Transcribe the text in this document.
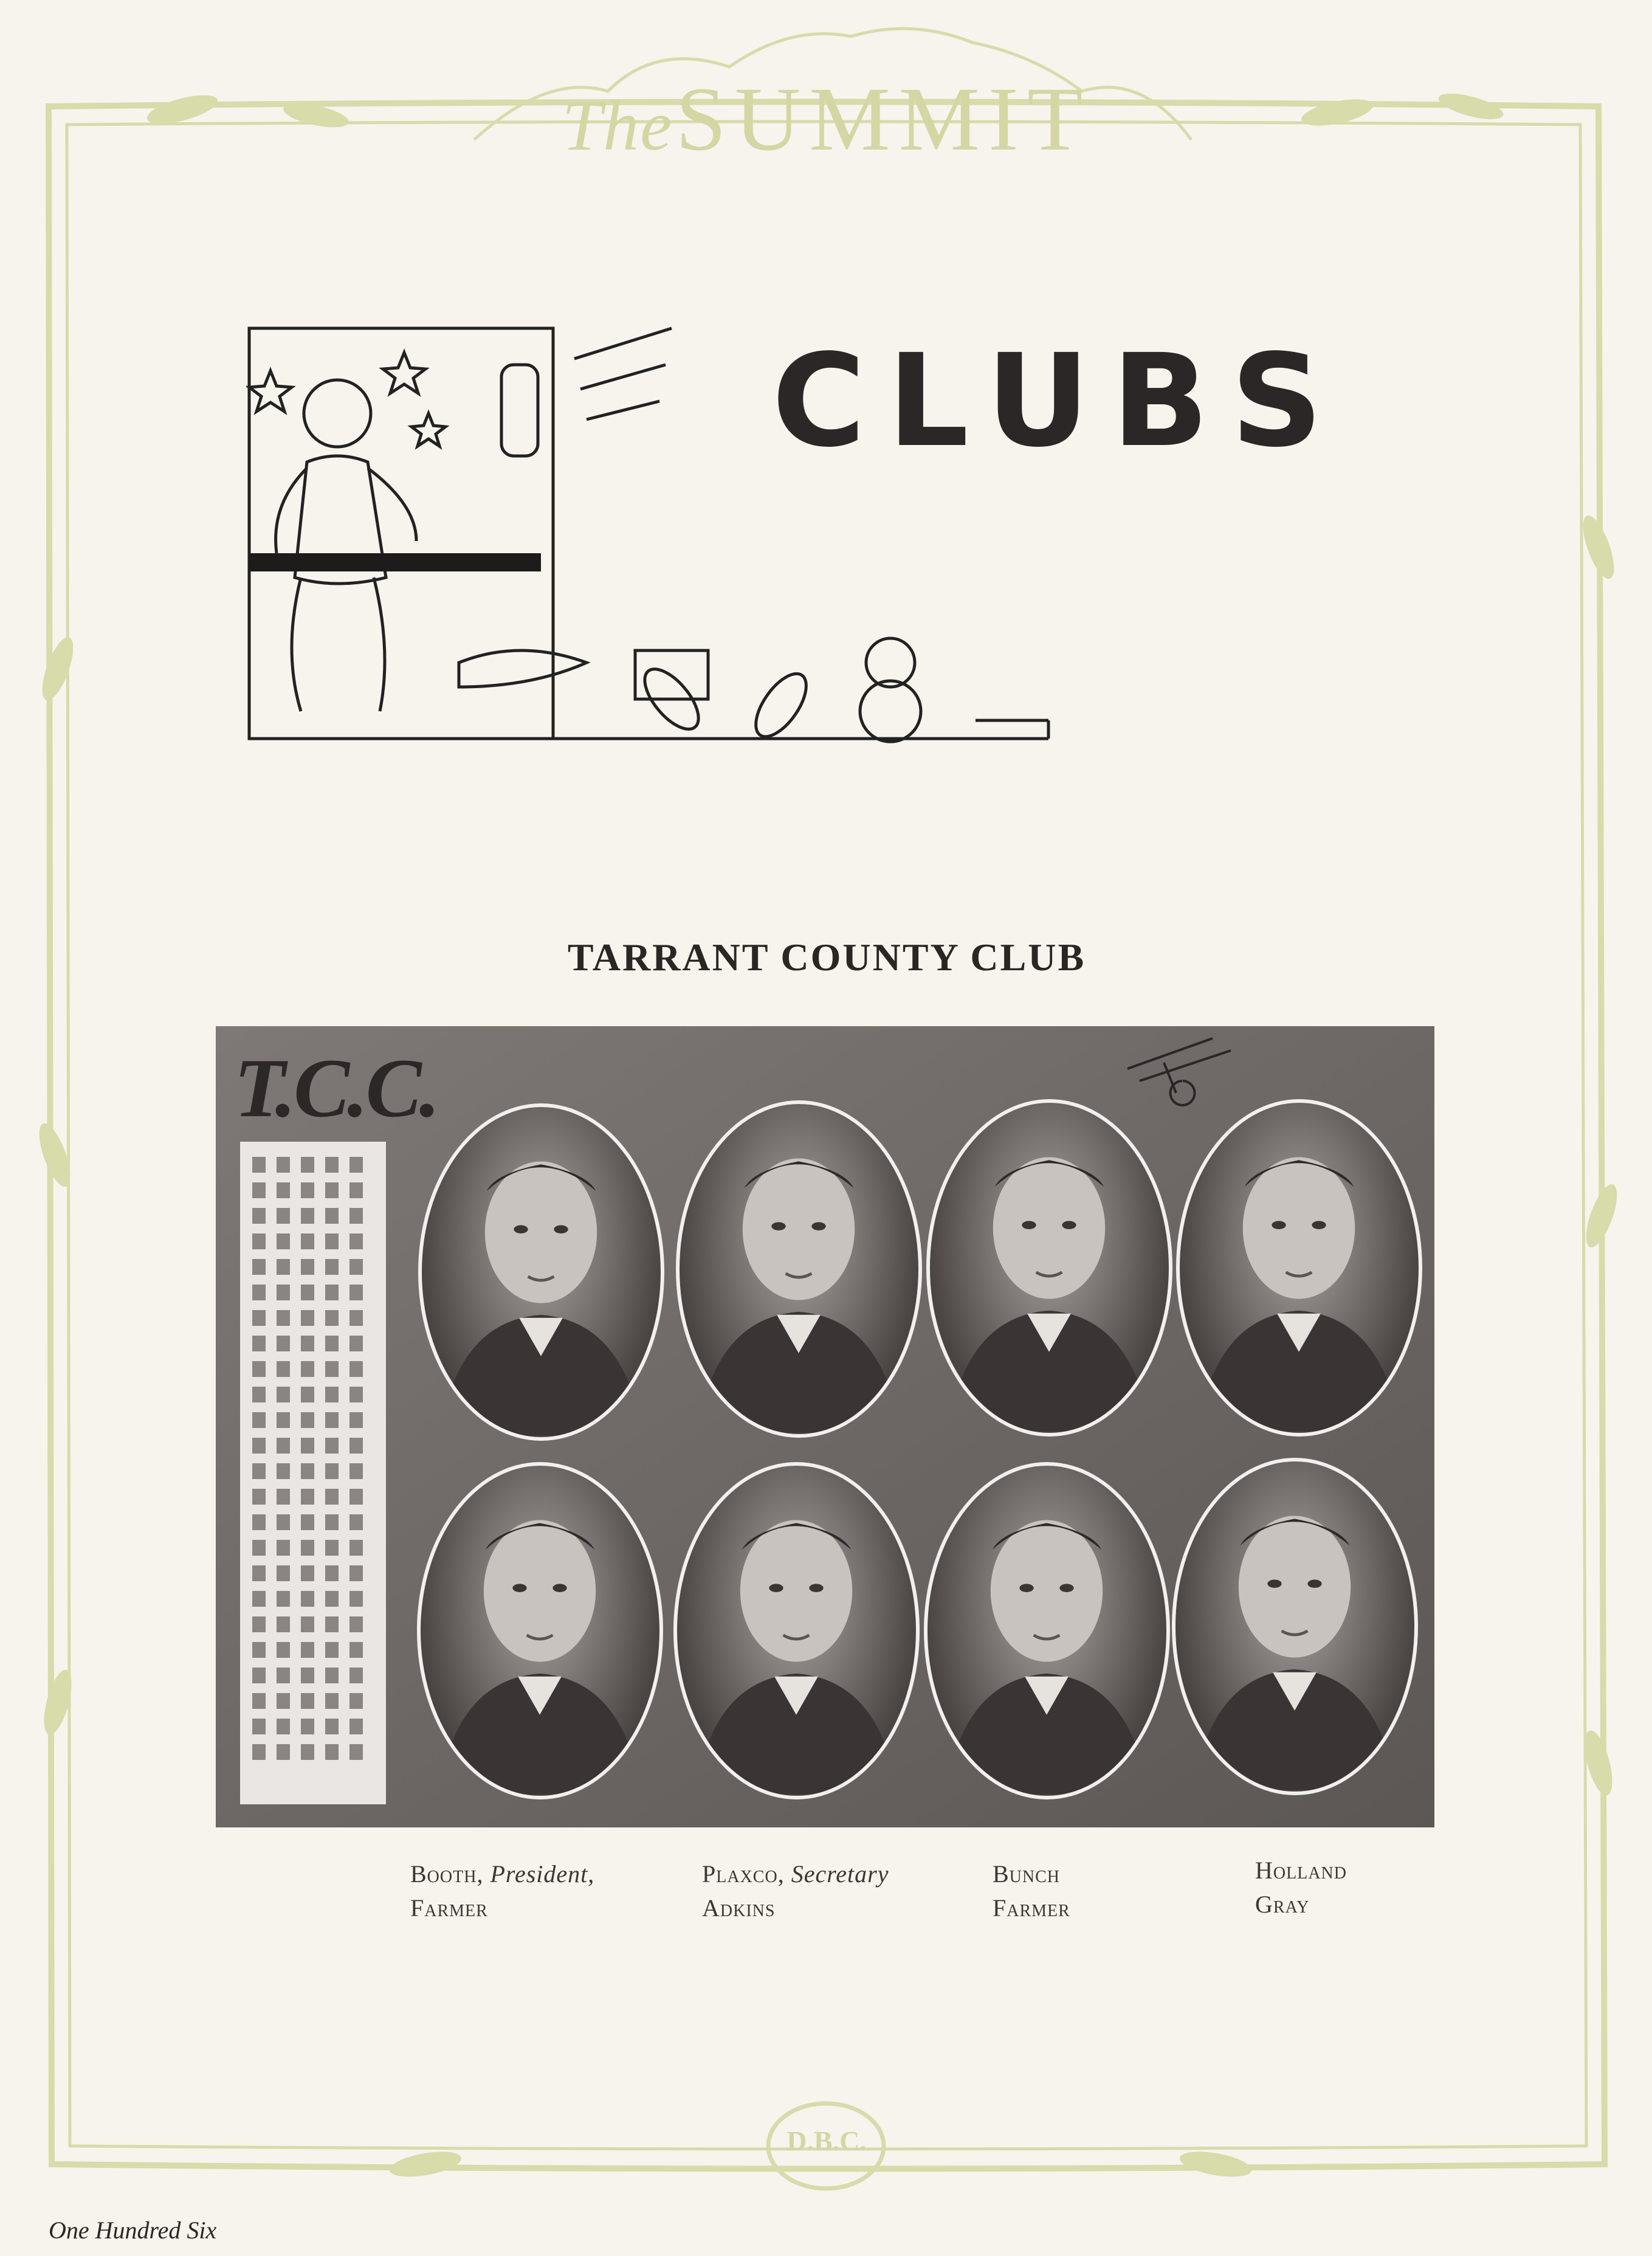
The SUMMIT
CLUBS
TARRANT COUNTY CLUB
T.C.C.
Booth, President,
Farmer
Plaxco, Secretary
Adkins
Bunch
Farmer
Holland
Gray
One Hundred Six
D.B.C.
